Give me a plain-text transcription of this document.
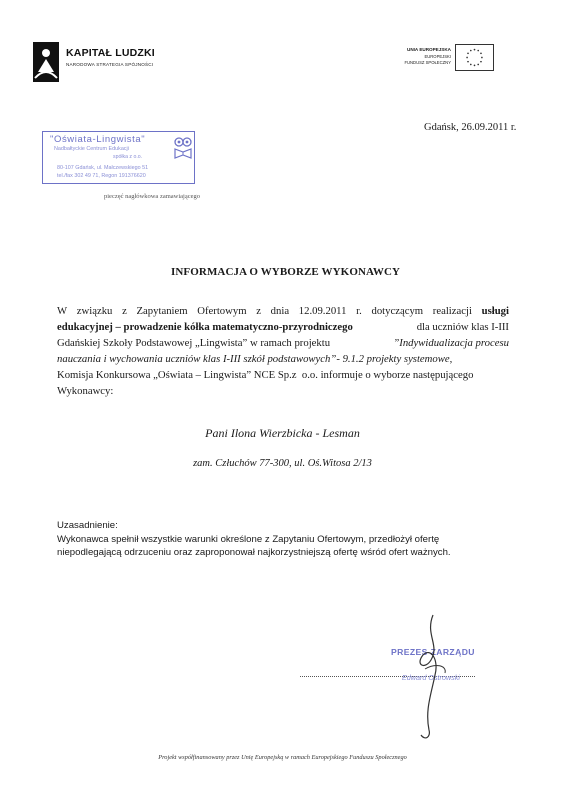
KAPITAŁ LUDZKI
NARODOWA STRATEGIA SPÓJNOŚCI
UNIA EUROPEJSKA
EUROPEJSKI
FUNDUSZ SPOŁECZNY
Gdańsk, 26.09.2011 r.
"Oświata-Lingwista"
Nadbałtyckie Centrum Edukacji
spółka z o.o.
80-107 Gdańsk, ul. Małczewskiego 51
tel./fax 302 49 71, Regon 191376620
pieczęć nagłówkowa zamawiającego
INFORMACJA O WYBORZE WYKONAWCY
W związku z Zapytaniem Ofertowym z dnia 12.09.2011 r. dotyczącym realizacji usługi
edukacyjnej – prowadzenie kółka matematyczno-przyrodniczego	dla uczniów klas I-III
Gdańskiej Szkoły Podstawowej „Lingwista” w ramach projektu	”Indywidualizacja procesu
nauczania i wychowania uczniów klas I-III szkół podstawowych”- 9.1.2 projekty systemowe,
Komisja Konkursowa „Oświata – Lingwista” NCE Sp.z  o.o. informuje o wyborze następującego
Wykonawcy:
Pani Ilona Wierzbicka - Lesman
zam. Człuchów 77-300, ul. Oś.Witosa 2/13
Uzasadnienie:
Wykonawca spełnił wszystkie warunki określone z Zapytaniu Ofertowym, przedłożył ofertę
niepodlegającą odrzuceniu oraz zaproponował najkorzystniejszą ofertę wśród ofert ważnych.
PREZES ZARZĄDU
Edward Ostrowski
Projekt współfinansowany przez Unię Europejską w ramach Europejskiego Funduszu Społecznego
